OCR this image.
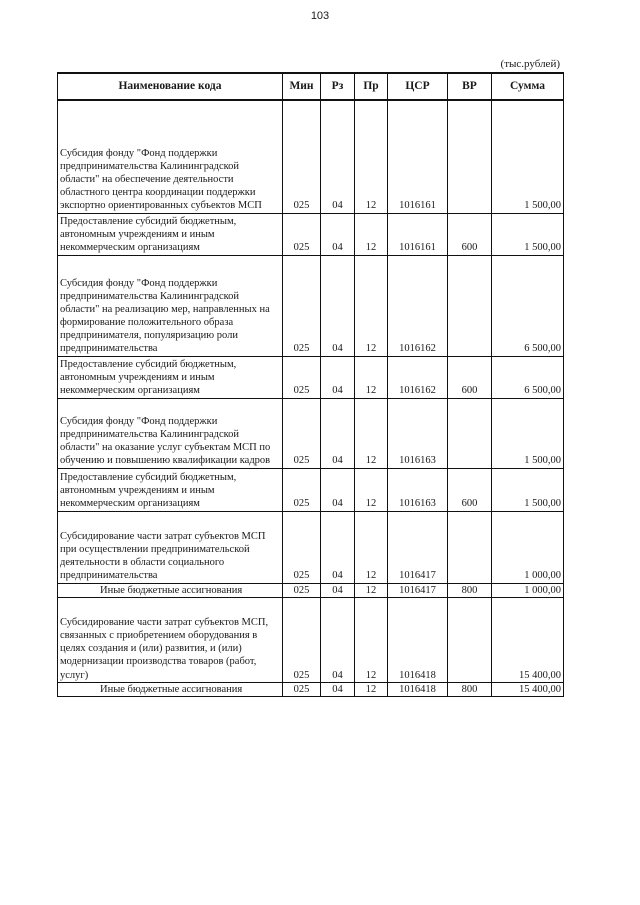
103
(тыс.рублей)
Наименование кода	Мин	Рз	Пр	ЦСР	ВР	Сумма
Субсидия фонду "Фонд поддержки предпринимательства Калининградской области" на обеспечение деятельности областного центра координации поддержки экспортно ориентированных субъектов МСП	025	04	12	1016161		1 500,00
Предоставление субсидий бюджетным, автономным учреждениям и иным некоммерческим организациям	025	04	12	1016161	600	1 500,00
Субсидия фонду "Фонд поддержки предпринимательства Калининградской области" на реализацию мер, направленных на формирование положительного образа предпринимателя, популяризацию роли предпринимательства	025	04	12	1016162		6 500,00
Предоставление субсидий бюджетным, автономным учреждениям и иным некоммерческим организациям	025	04	12	1016162	600	6 500,00
Субсидия фонду "Фонд поддержки предпринимательства Калининградской области" на оказание услуг субъектам МСП по обучению и повышению квалификации кадров	025	04	12	1016163		1 500,00
Предоставление субсидий бюджетным, автономным учреждениям и иным некоммерческим организациям	025	04	12	1016163	600	1 500,00
Субсидирование части затрат субъектов МСП при осуществлении предпринимательской деятельности в области социального предпринимательства	025	04	12	1016417		1 000,00
Иные бюджетные ассигнования	025	04	12	1016417	800	1 000,00
Субсидирование части затрат субъектов МСП, связанных с приобретением оборудования в целях создания и (или) развития, и (или) модернизации производства товаров (работ, услуг)	025	04	12	1016418		15 400,00
Иные бюджетные ассигнования	025	04	12	1016418	800	15 400,00
